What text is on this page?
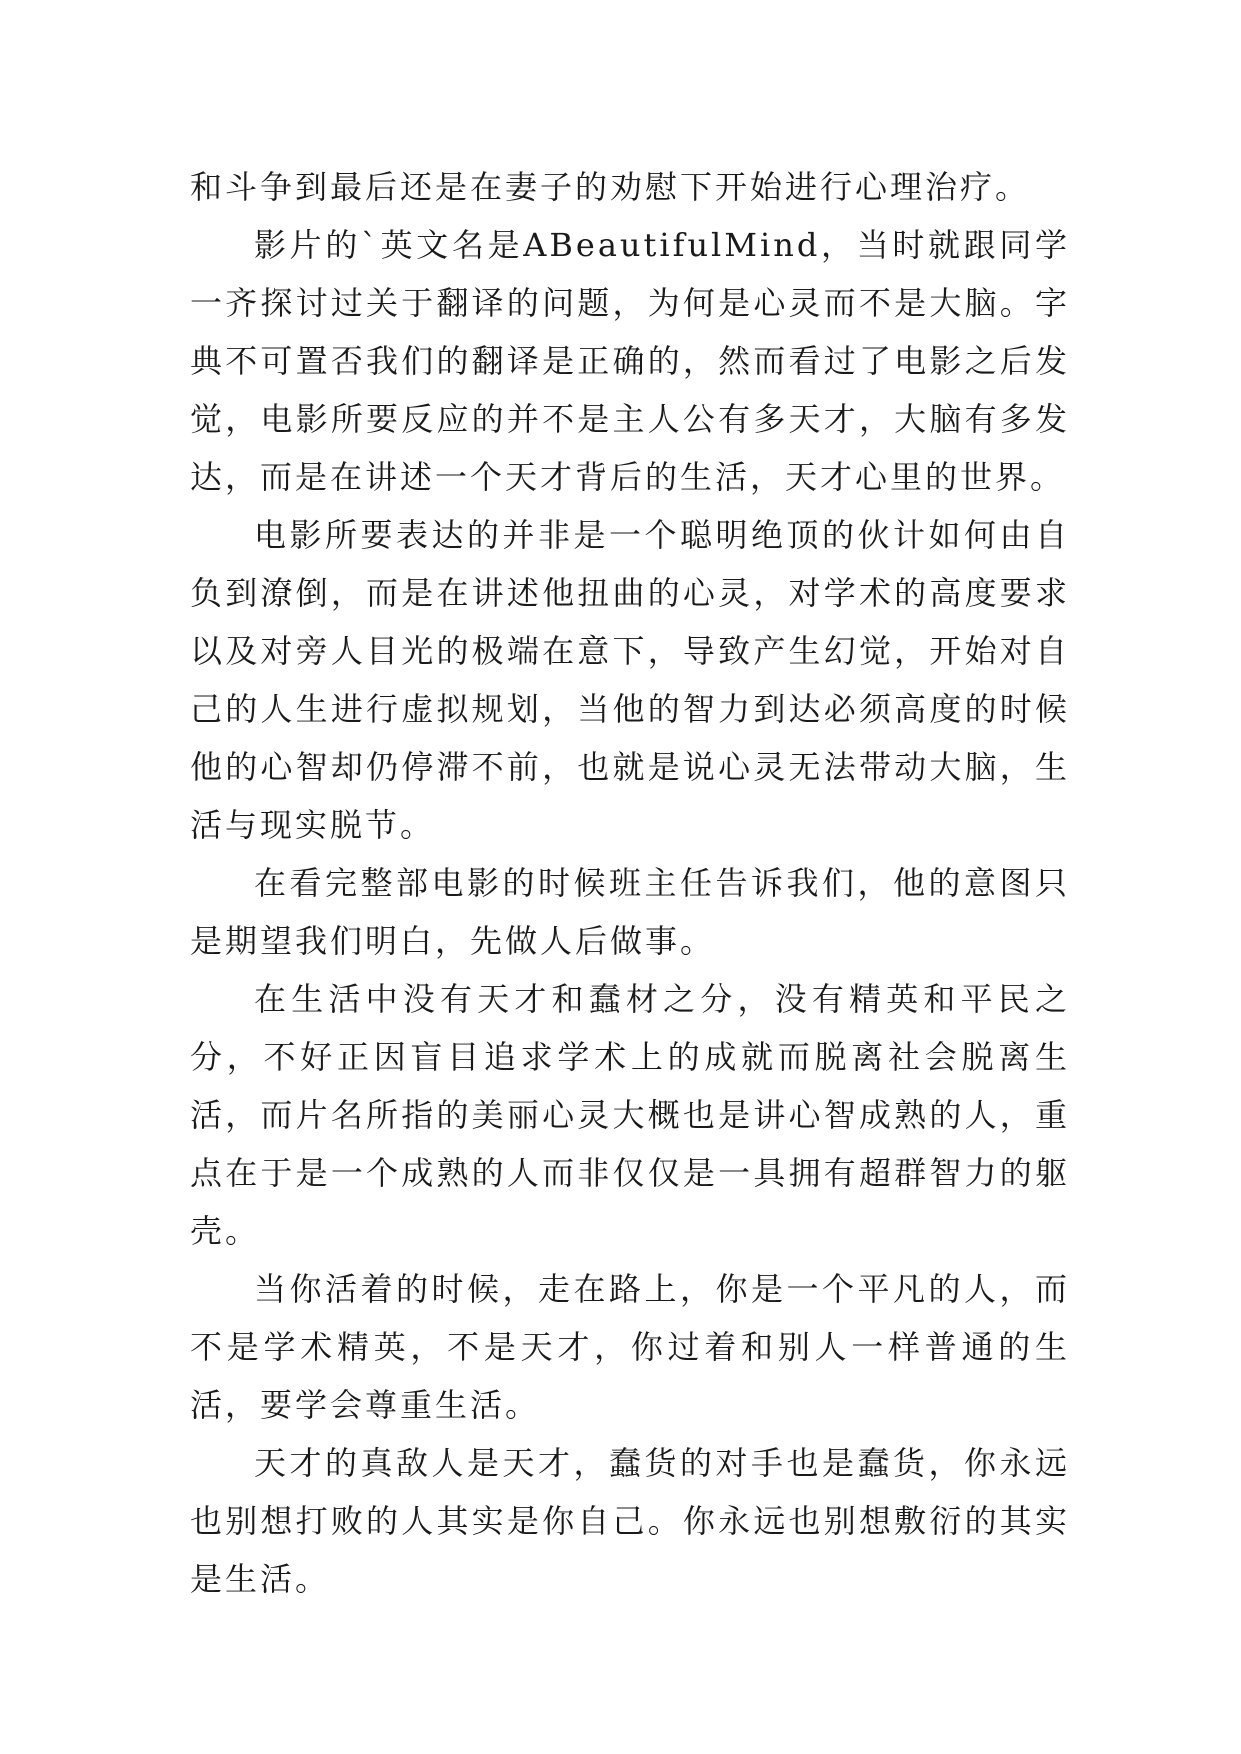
和斗争到最后还是在妻子的劝慰下开始进行心理治疗。

影片的`英文名是ABeautifulMind，当时就跟同学一齐探讨过关于翻译的问题，为何是心灵而不是大脑。字典不可置否我们的翻译是正确的，然而看过了电影之后发觉，电影所要反应的并不是主人公有多天才，大脑有多发达，而是在讲述一个天才背后的生活，天才心里的世界。

电影所要表达的并非是一个聪明绝顶的伙计如何由自负到潦倒，而是在讲述他扭曲的心灵，对学术的高度要求以及对旁人目光的极端在意下，导致产生幻觉，开始对自己的人生进行虚拟规划，当他的智力到达必须高度的时候他的心智却仍停滞不前，也就是说心灵无法带动大脑，生活与现实脱节。

在看完整部电影的时候班主任告诉我们，他的意图只是期望我们明白，先做人后做事。

在生活中没有天才和蠢材之分，没有精英和平民之分，不好正因盲目追求学术上的成就而脱离社会脱离生活，而片名所指的美丽心灵大概也是讲心智成熟的人，重点在于是一个成熟的人而非仅仅是一具拥有超群智力的躯壳。

当你活着的时候，走在路上，你是一个平凡的人，而不是学术精英，不是天才，你过着和别人一样普通的生活，要学会尊重生活。

天才的真敌人是天才，蠢货的对手也是蠢货，你永远也别想打败的人其实是你自己。你永远也别想敷衍的其实是生活。
